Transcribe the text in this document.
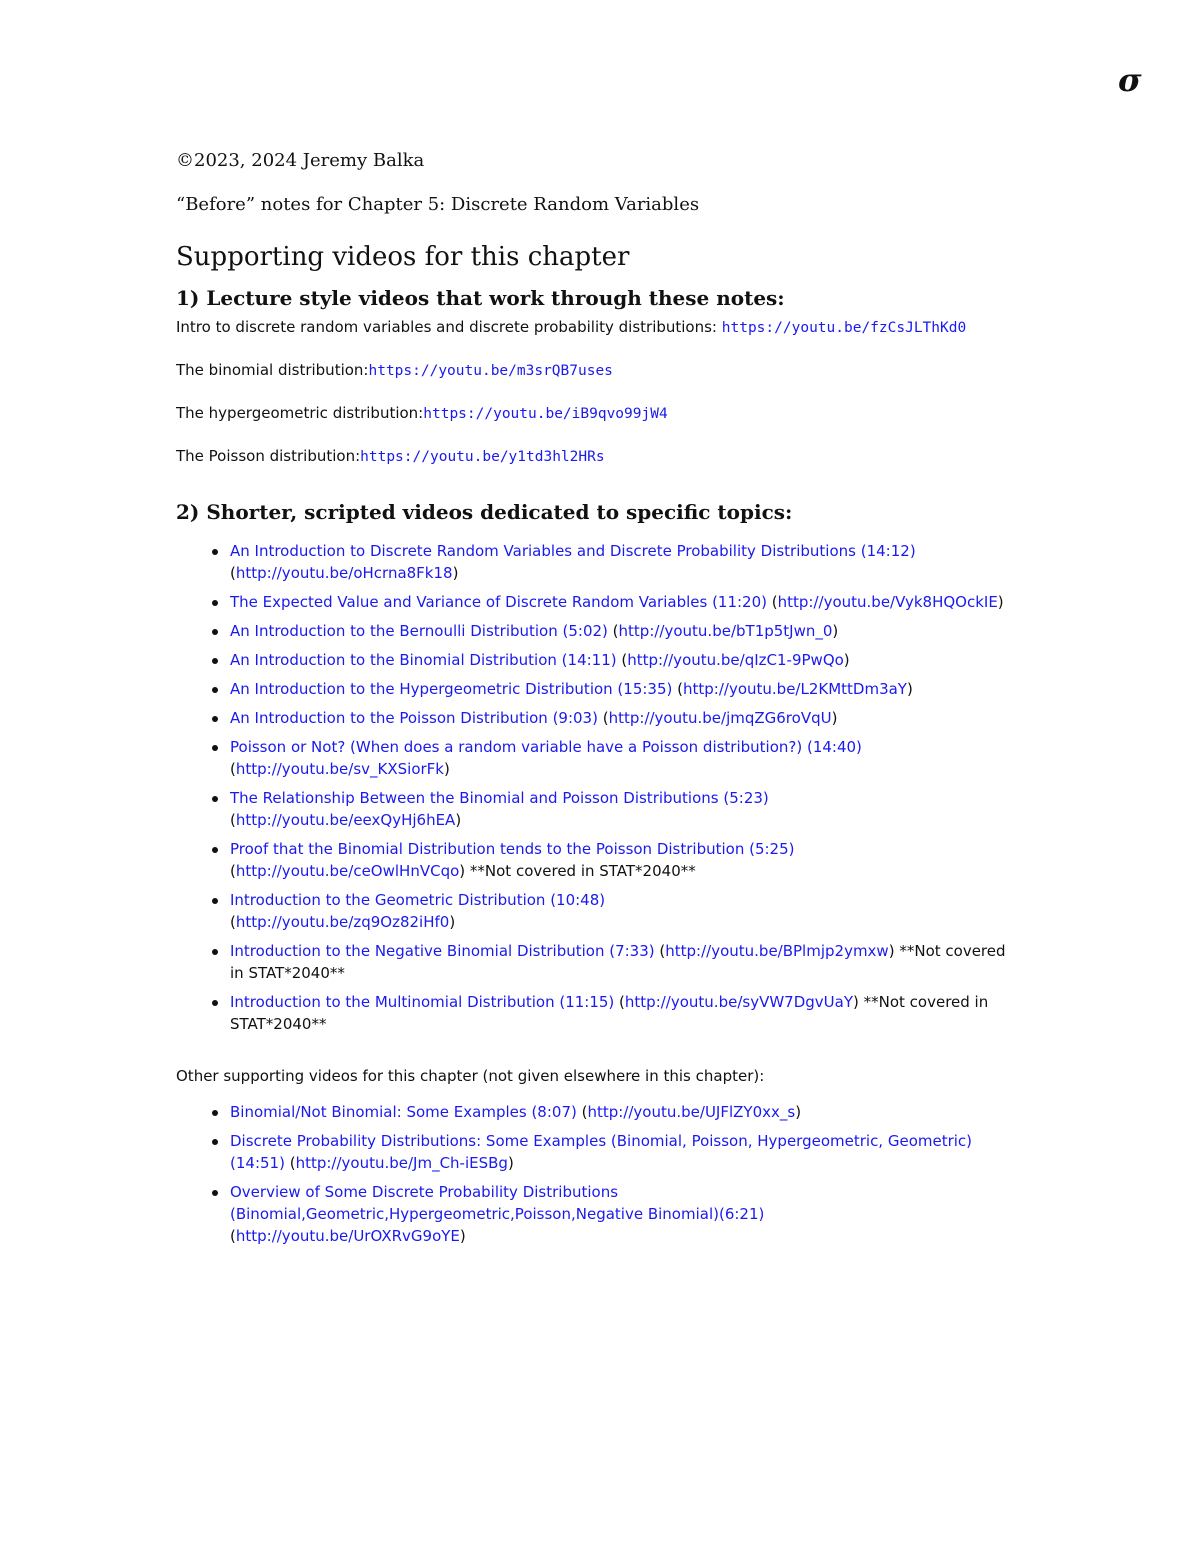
σ
©2023, 2024 Jeremy Balka
“Before” notes for Chapter 5: Discrete Random Variables
Supporting videos for this chapter
1) Lecture style videos that work through these notes:
Intro to discrete random variables and discrete probability distributions: https://youtu.be/fzCsJLThKd0
The binomial distribution:https://youtu.be/m3srQB7uses
The hypergeometric distribution:https://youtu.be/iB9qvo99jW4
The Poisson distribution:https://youtu.be/y1td3hl2HRs
2) Shorter, scripted videos dedicated to specific topics:
An Introduction to Discrete Random Variables and Discrete Probability Distributions (14:12) (http://youtu.be/oHcrna8Fk18)
The Expected Value and Variance of Discrete Random Variables (11:20) (http://youtu.be/Vyk8HQOckIE)
An Introduction to the Bernoulli Distribution (5:02) (http://youtu.be/bT1p5tJwn_0)
An Introduction to the Binomial Distribution (14:11) (http://youtu.be/qIzC1-9PwQo)
An Introduction to the Hypergeometric Distribution (15:35) (http://youtu.be/L2KMttDm3aY)
An Introduction to the Poisson Distribution (9:03) (http://youtu.be/jmqZG6roVqU)
Poisson or Not? (When does a random variable have a Poisson distribution?) (14:40) (http://youtu.be/sv_KXSiorFk)
The Relationship Between the Binomial and Poisson Distributions (5:23)
(http://youtu.be/eexQyHj6hEA)
Proof that the Binomial Distribution tends to the Poisson Distribution (5:25)
(http://youtu.be/ceOwlHnVCqo) **Not covered in STAT*2040**
Introduction to the Geometric Distribution (10:48)
(http://youtu.be/zq9Oz82iHf0)
Introduction to the Negative Binomial Distribution (7:33) (http://youtu.be/BPlmjp2ymxw) **Not covered in STAT*2040**
Introduction to the Multinomial Distribution (11:15) (http://youtu.be/syVW7DgvUaY) **Not covered in STAT*2040**
Other supporting videos for this chapter (not given elsewhere in this chapter):
Binomial/Not Binomial: Some Examples (8:07) (http://youtu.be/UJFlZY0xx_s)
Discrete Probability Distributions: Some Examples (Binomial, Poisson, Hypergeometric, Geometric) (14:51) (http://youtu.be/Jm_Ch-iESBg)
Overview of Some Discrete Probability Distributions (Binomial,Geometric,Hypergeometric,Poisson,Negative Binomial)(6:21)
(http://youtu.be/UrOXRvG9oYE)
